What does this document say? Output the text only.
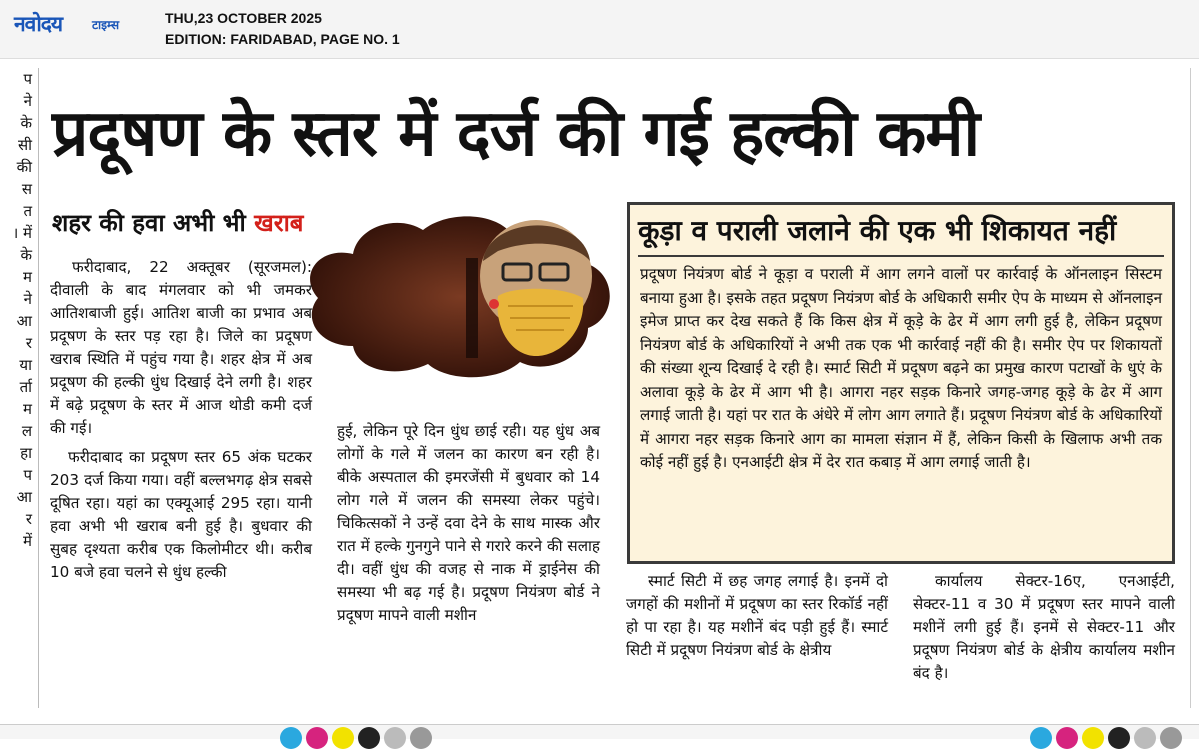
नवोदय टाइम्स	THU,23 OCTOBER 2025
EDITION: FARIDABAD, PAGE NO. 1
प
ने
के
सी
की
स
त
। में
के
म
ने
आ
र
या
र्ता
म
ल
हा
प
आ
र
में
प्रदूषण के स्तर में दर्ज की गई हल्की कमी
शहर की हवा अभी भी खराब

फरीदाबाद, 22 अक्तूबर (सूरजमल): दीवाली के बाद मंगलवार को भी जमकर आतिशबाजी हुई। आतिश बाजी का प्रभाव अब प्रदूषण के स्तर पड़ रहा है। जिले का प्रदूषण खराब स्थिति में पहुंच गया है। शहर क्षेत्र में अब प्रदूषण की हल्की धुंध दिखाई देने लगी है। शहर में बढ़े प्रदूषण के स्तर में आज थोडी कमी दर्ज की गई।

फरीदाबाद का प्रदूषण स्तर 65 अंक घटकर 203 दर्ज किया गया। वहीं बल्लभगढ़ क्षेत्र सबसे दूषित रहा। यहां का एक्यूआई 295 रहा। यानी हवा अभी भी खराब बनी हुई है। बुधवार की सुबह दृश्यता करीब एक किलोमीटर थी। करीब 10 बजे हवा चलने से धुंध हल्की

हुई, लेकिन पूरे दिन धुंध छाई रही। यह धुंध अब लोगों के गले में जलन का कारण बन रही है। बीके अस्पताल की इमरजेंसी में बुधवार को 14 लोग गले में जलन की समस्या लेकर पहुंचे। चिकित्सकों ने उन्हें दवा देने के साथ मास्क और रात में हल्के गुनगुने पाने से गरारे करने की सलाह दी। वहीं धुंध की वजह से नाक में ड्राईनेस की समस्या भी बढ़ गई है। प्रदूषण नियंत्रण बोर्ड ने प्रदूषण मापने वाली मशीन

कूड़ा व पराली जलाने की एक भी शिकायत नहीं
प्रदूषण नियंत्रण बोर्ड ने कूड़ा व पराली में आग लगने वालों पर कार्रवाई के ऑनलाइन सिस्टम बनाया हुआ है। इसके तहत प्रदूषण नियंत्रण बोर्ड के अधिकारी समीर ऐप के माध्यम से ऑनलाइन इमेज प्राप्त कर देख सकते हैं कि किस क्षेत्र में कूड़े के ढेर में आग लगी हुई है, लेकिन प्रदूषण नियंत्रण बोर्ड के अधिकारियों ने अभी तक एक भी कार्रवाई नहीं की है। समीर ऐप पर शिकायतों की संख्या शून्य दिखाई दे रही है। स्मार्ट सिटी में प्रदूषण बढ़ने का प्रमुख कारण पटाखों के धुएं के अलावा कूड़े के ढेर में आग भी है। आगरा नहर सड़क किनारे जगह-जगह कूड़े के ढेर में आग लगाई जाती है। यहां पर रात के अंधेरे में लोग आग लगाते हैं। प्रदूषण नियंत्रण बोर्ड के अधिकारियों में आगरा नहर सड़क किनारे आग का मामला संज्ञान में हैं, लेकिन किसी के खिलाफ अभी तक कोई नहीं हुई है। एनआईटी क्षेत्र में देर रात कबाड़ में आग लगाई जाती है।

स्मार्ट सिटी में छह जगह लगाई है। इनमें दो जगहों की मशीनों में प्रदूषण का स्तर रिकॉर्ड नहीं हो पा रहा है। यह मशीनें बंद पड़ी हुई हैं। स्मार्ट सिटी में प्रदूषण नियंत्रण बोर्ड के क्षेत्रीय

कार्यालय सेक्टर-16ए, एनआईटी, सेक्टर-11 व 30 में प्रदूषण स्तर मापने वाली मशीनें लगी हुई हैं। इनमें से सेक्टर-11 और प्रदूषण नियंत्रण बोर्ड के क्षेत्रीय कार्यालय मशीन बंद है।
